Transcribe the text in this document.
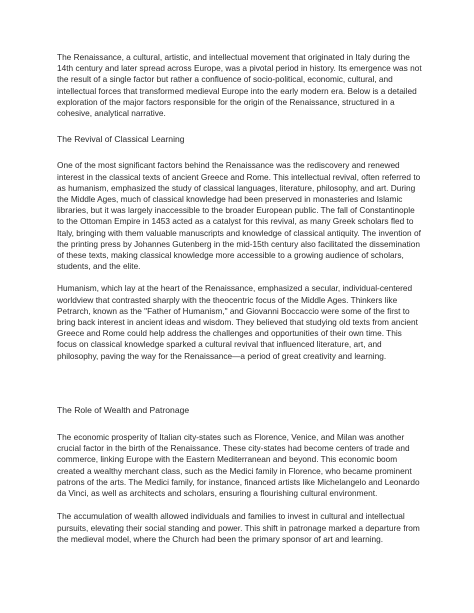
The Renaissance, a cultural, artistic, and intellectual movement that originated in Italy during the 14th century and later spread across Europe, was a pivotal period in history. Its emergence was not the result of a single factor but rather a confluence of socio-political, economic, cultural, and intellectual forces that transformed medieval Europe into the early modern era. Below is a detailed exploration of the major factors responsible for the origin of the Renaissance, structured in a cohesive, analytical narrative.

The Revival of Classical Learning

One of the most significant factors behind the Renaissance was the rediscovery and renewed interest in the classical texts of ancient Greece and Rome. This intellectual revival, often referred to as humanism, emphasized the study of classical languages, literature, philosophy, and art. During the Middle Ages, much of classical knowledge had been preserved in monasteries and Islamic libraries, but it was largely inaccessible to the broader European public. The fall of Constantinople to the Ottoman Empire in 1453 acted as a catalyst for this revival, as many Greek scholars fled to Italy, bringing with them valuable manuscripts and knowledge of classical antiquity. The invention of the printing press by Johannes Gutenberg in the mid-15th century also facilitated the dissemination of these texts, making classical knowledge more accessible to a growing audience of scholars, students, and the elite.

Humanism, which lay at the heart of the Renaissance, emphasized a secular, individual-centered worldview that contrasted sharply with the theocentric focus of the Middle Ages. Thinkers like Petrarch, known as the "Father of Humanism," and Giovanni Boccaccio were some of the first to bring back interest in ancient ideas and wisdom. They believed that studying old texts from ancient Greece and Rome could help address the challenges and opportunities of their own time. This focus on classical knowledge sparked a cultural revival that influenced literature, art, and philosophy, paving the way for the Renaissance—a period of great creativity and learning.

The Role of Wealth and Patronage

The economic prosperity of Italian city-states such as Florence, Venice, and Milan was another crucial factor in the birth of the Renaissance. These city-states had become centers of trade and commerce, linking Europe with the Eastern Mediterranean and beyond. This economic boom created a wealthy merchant class, such as the Medici family in Florence, who became prominent patrons of the arts. The Medici family, for instance, financed artists like Michelangelo and Leonardo da Vinci, as well as architects and scholars, ensuring a flourishing cultural environment.

The accumulation of wealth allowed individuals and families to invest in cultural and intellectual pursuits, elevating their social standing and power. This shift in patronage marked a departure from the medieval model, where the Church had been the primary sponsor of art and learning.
